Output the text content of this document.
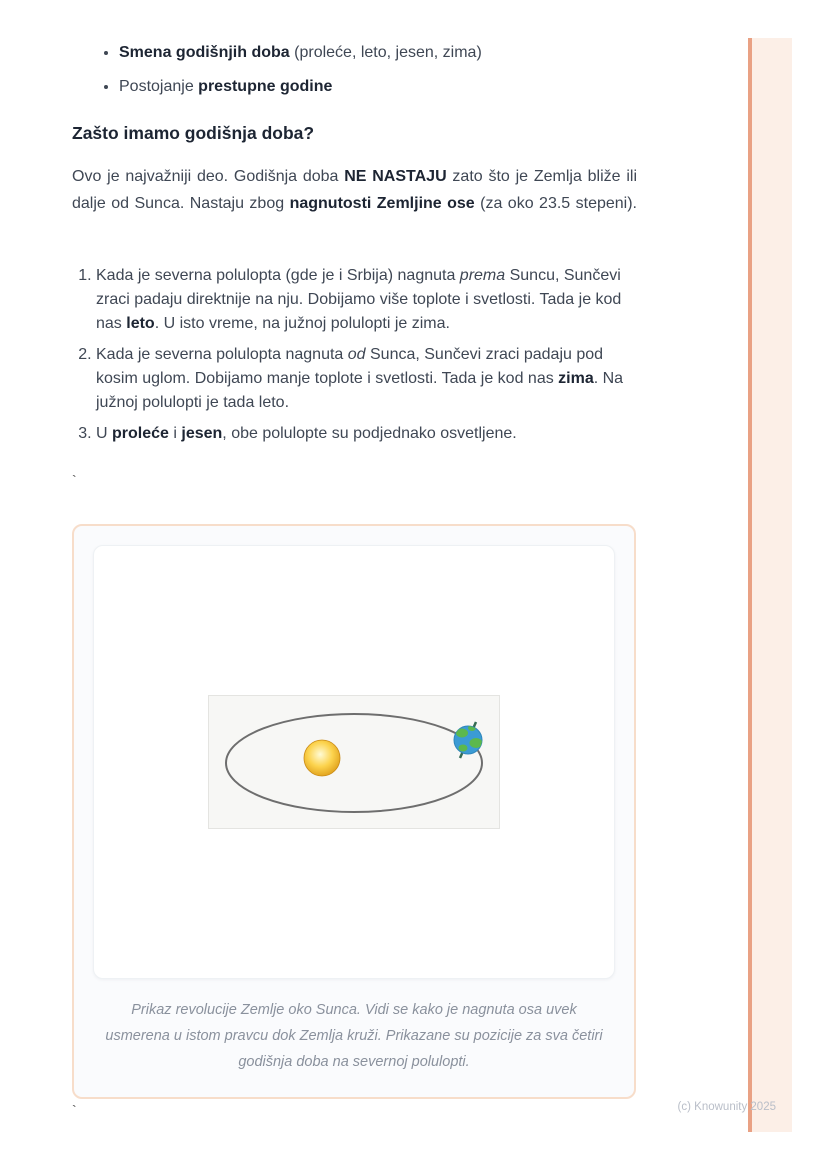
• Smena godišnjih doba (proleće, leto, jesen, zima)
• Postojanje prestupne godine
Zašto imamo godišnja doba?

Ovo je najvažniji deo. Godišnja doba NE NASTAJU zato što je Zemlja bliže ili dalje od Sunca. Nastaju zbog nagnutosti Zemljine ose (za oko 23.5 stepeni).

1. Kada je severna polulopta (gde je i Srbija) nagnuta prema Suncu, Sunčevi zraci padaju direktnije na nju. Dobijamo više toplote i svetlosti. Tada je kod nas leto. U isto vreme, na južnoj polulopti je zima.
2. Kada je severna polulopta nagnuta od Sunca, Sunčevi zraci padaju pod kosim uglom. Dobijamo manje toplote i svetlosti. Tada je kod nas zima. Na južnoj polulopti je tada leto.
3. U proleće i jesen, obe polulopte su podjednako osvetljene.
`
Prikaz revolucije Zemlje oko Sunca. Vidi se kako je nagnuta osa uvek usmerena u istom pravcu dok Zemlja kruži. Prikazane su pozicije za sva četiri godišnja doba na severnoj polulopti.
`	(c) Knowunity 2025
